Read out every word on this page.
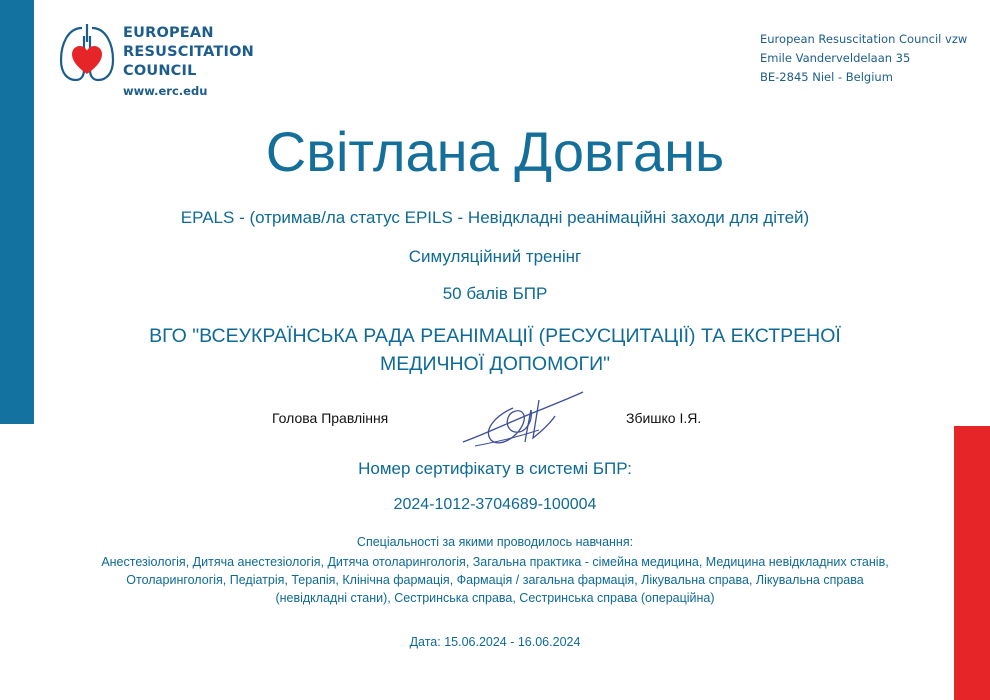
EUROPEAN
RESUSCITATION
COUNCIL
www.erc.edu
European Resuscitation Council vzw
Emile Vanderveldelaan 35
BE-2845 Niel - Belgium
Світлана Довгань
EPALS - (отримав/ла статус EPILS - Невідкладні реанімаційні заходи для дітей)
Симуляційний тренінг
50 балів БПР
ВГО "ВСЕУКРАЇНСЬКА РАДА РЕАНІМАЦІЇ (РЕСУСЦИТАЦІЇ) ТА ЕКСТРЕНОЇ
МЕДИЧНОЇ ДОПОМОГИ"
Голова Правління	Збишко І.Я.
Номер сертифікату в системі БПР:
2024-1012-3704689-100004
Спеціальності за якими проводилось навчання:
Анестезіологія, Дитяча анестезіологія, Дитяча отоларингологія, Загальна практика - сімейна медицина, Медицина невідкладних станів,
Отоларингологія, Педіатрія, Терапія, Клінічна фармація, Фармація / загальна фармація, Лікувальна справа, Лікувальна справа
(невідкладні стани), Сестринська справа, Сестринська справа (операційна)
Дата: 15.06.2024 - 16.06.2024
